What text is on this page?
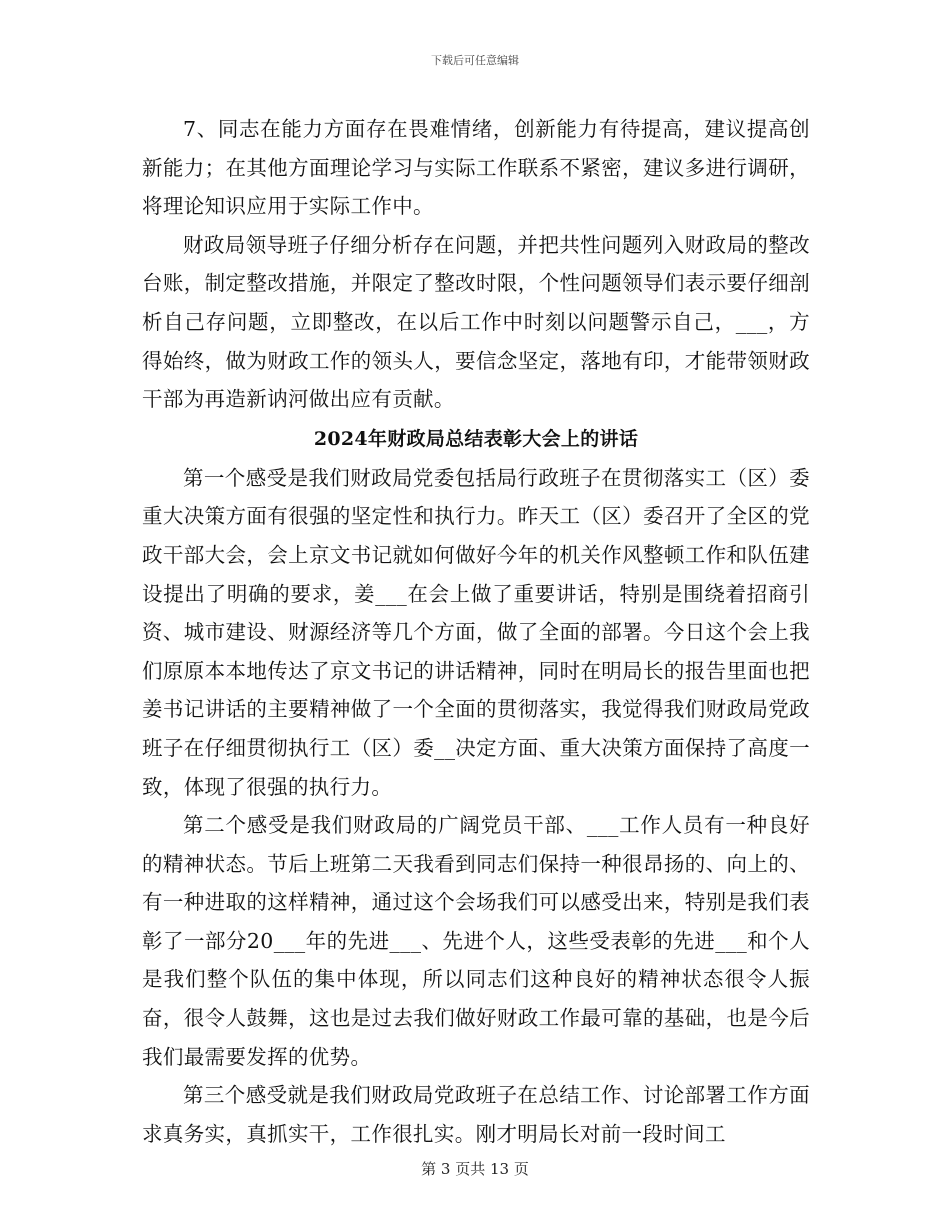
下载后可任意编辑

7、同志在能力方面存在畏难情绪，创新能力有待提高，建议提高创新能力；在其他方面理论学习与实际工作联系不紧密，建议多进行调研，将理论知识应用于实际工作中。

财政局领导班子仔细分析存在问题，并把共性问题列入财政局的整改台账，制定整改措施，并限定了整改时限，个性问题领导们表示要仔细剖析自己存问题，立即整改，在以后工作中时刻以问题警示自己，___，方得始终，做为财政工作的领头人，要信念坚定，落地有印，才能带领财政干部为再造新讷河做出应有贡献。

2024年财政局总结表彰大会上的讲话

第一个感受是我们财政局党委包括局行政班子在贯彻落实工（区）委重大决策方面有很强的坚定性和执行力。昨天工（区）委召开了全区的党政干部大会，会上京文书记就如何做好今年的机关作风整顿工作和队伍建设提出了明确的要求，姜___在会上做了重要讲话，特别是围绕着招商引资、城市建设、财源经济等几个方面，做了全面的部署。今日这个会上我们原原本本地传达了京文书记的讲话精神，同时在明局长的报告里面也把姜书记讲话的主要精神做了一个全面的贯彻落实，我觉得我们财政局党政班子在仔细贯彻执行工（区）委__决定方面、重大决策方面保持了高度一致，体现了很强的执行力。

第二个感受是我们财政局的广阔党员干部、___工作人员有一种良好的精神状态。节后上班第二天我看到同志们保持一种很昂扬的、向上的、有一种进取的这样精神，通过这个会场我们可以感受出来，特别是我们表彰了一部分20___年的先进___、先进个人，这些受表彰的先进___和个人是我们整个队伍的集中体现，所以同志们这种良好的精神状态很令人振奋，很令人鼓舞，这也是过去我们做好财政工作最可靠的基础，也是今后我们最需要发挥的优势。

第三个感受就是我们财政局党政班子在总结工作、讨论部署工作方面求真务实，真抓实干，工作很扎实。刚才明局长对前一段时间工

第 3 页共 13 页
